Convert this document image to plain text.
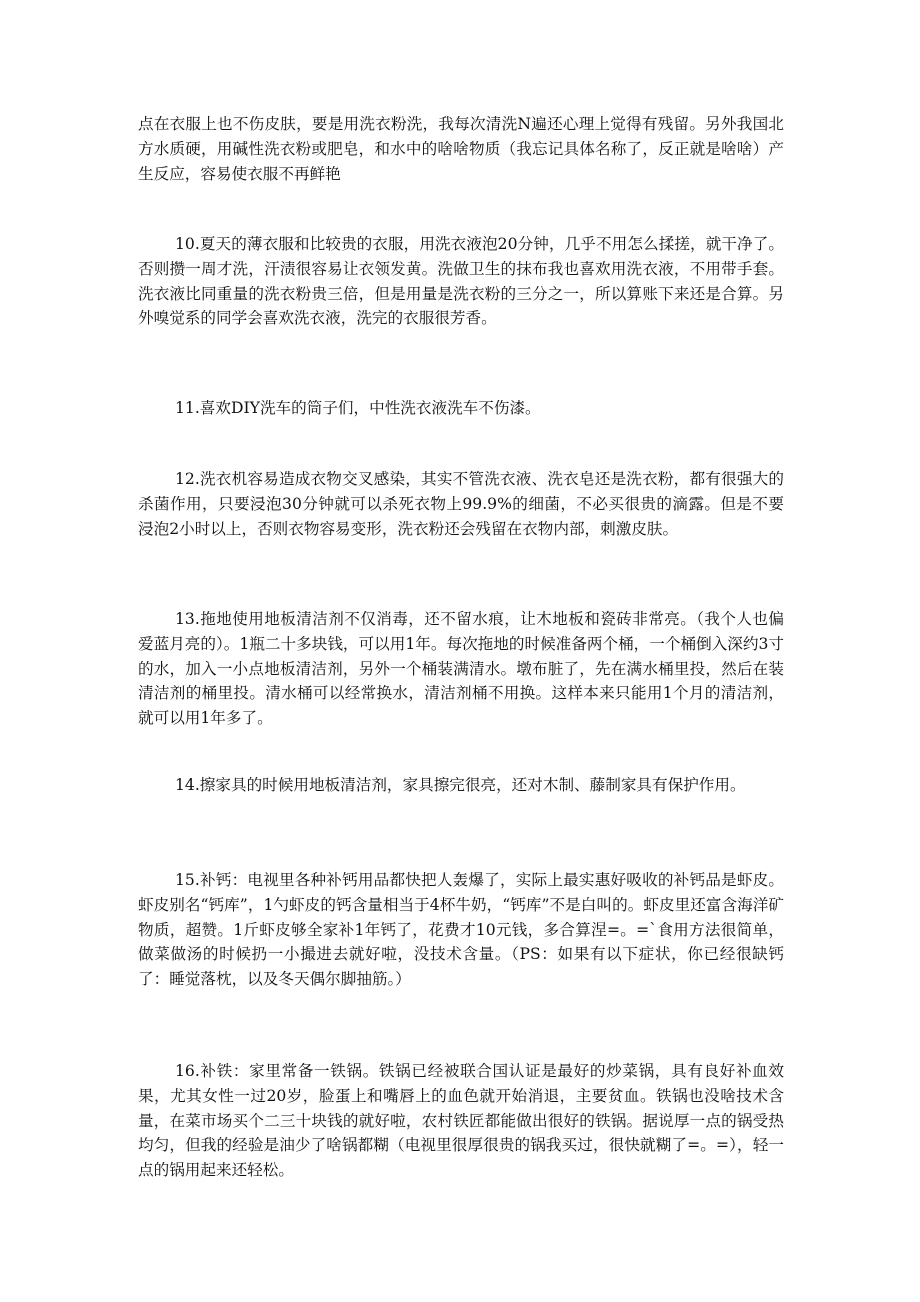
点在衣服上也不伤皮肤，要是用洗衣粉洗，我每次清洗N遍还心理上觉得有残留。另外我国北方水质硬，用碱性洗衣粉或肥皂，和水中的啥啥物质（我忘记具体名称了，反正就是啥啥）产生反应，容易使衣服不再鲜艳

10.夏天的薄衣服和比较贵的衣服，用洗衣液泡20分钟，几乎不用怎么揉搓，就干净了。否则攒一周才洗，汗渍很容易让衣领发黄。洗做卫生的抹布我也喜欢用洗衣液，不用带手套。洗衣液比同重量的洗衣粉贵三倍，但是用量是洗衣粉的三分之一，所以算账下来还是合算。另外嗅觉系的同学会喜欢洗衣液，洗完的衣服很芳香。

11.喜欢DIY洗车的筒子们，中性洗衣液洗车不伤漆。

12.洗衣机容易造成衣物交叉感染，其实不管洗衣液、洗衣皂还是洗衣粉，都有很强大的杀菌作用，只要浸泡30分钟就可以杀死衣物上99.9%的细菌，不必买很贵的滴露。但是不要浸泡2小时以上，否则衣物容易变形，洗衣粉还会残留在衣物内部，刺激皮肤。

13.拖地使用地板清洁剂不仅消毒，还不留水痕，让木地板和瓷砖非常亮。（我个人也偏爱蓝月亮的）。1瓶二十多块钱，可以用1年。每次拖地的时候准备两个桶，一个桶倒入深约3寸的水，加入一小点地板清洁剂，另外一个桶装满清水。墩布脏了，先在满水桶里投，然后在装清洁剂的桶里投。清水桶可以经常换水，清洁剂桶不用换。这样本来只能用1个月的清洁剂，就可以用1年多了。

14.擦家具的时候用地板清洁剂，家具擦完很亮，还对木制、藤制家具有保护作用。

15.补钙：电视里各种补钙用品都快把人轰爆了，实际上最实惠好吸收的补钙品是虾皮。虾皮别名“钙库”，1勺虾皮的钙含量相当于4杯牛奶，“钙库”不是白叫的。虾皮里还富含海洋矿物质，超赞。1斤虾皮够全家补1年钙了，花费才10元钱，多合算涅=。=`食用方法很简单，做菜做汤的时候扔一小撮进去就好啦，没技术含量。（PS：如果有以下症状，你已经很缺钙了：睡觉落枕，以及冬天偶尔脚抽筋。）

16.补铁：家里常备一铁锅。铁锅已经被联合国认证是最好的炒菜锅，具有良好补血效果，尤其女性一过20岁，脸蛋上和嘴唇上的血色就开始消退，主要贫血。铁锅也没啥技术含量，在菜市场买个二三十块钱的就好啦，农村铁匠都能做出很好的铁锅。据说厚一点的锅受热均匀，但我的经验是油少了啥锅都糊（电视里很厚很贵的锅我买过，很快就糊了=。=），轻一点的锅用起来还轻松。
